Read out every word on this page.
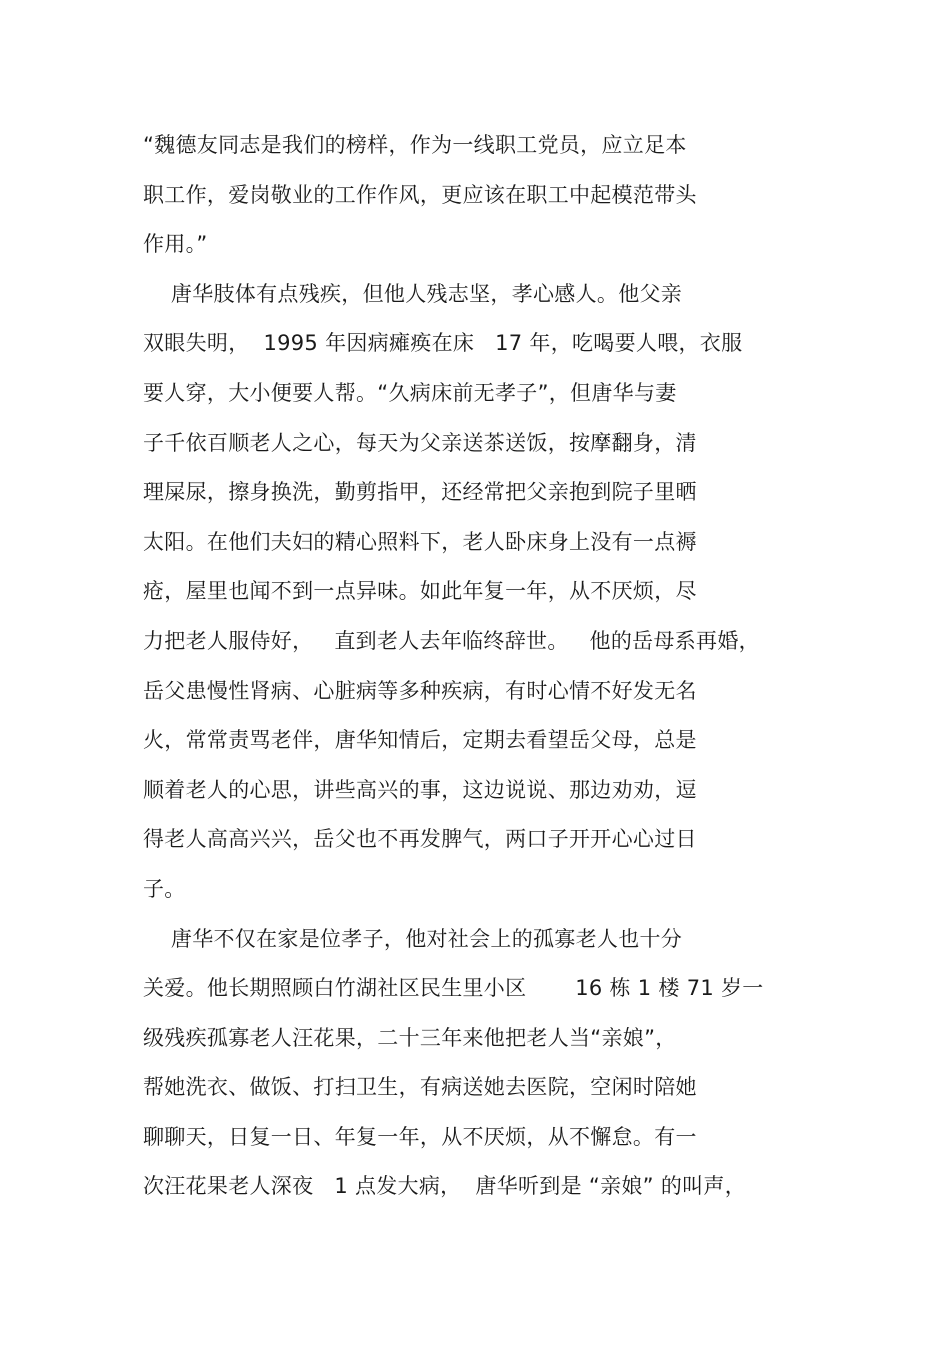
“魏德友同志是我们的榜样，作为一线职工党员，应立足本
职工作，爱岗敬业的工作作风，更应该在职工中起模范带头
作用。”
唐华肢体有点残疾，但他人残志坚，孝心感人。他父亲
双眼失明，  1995 年因病瘫痪在床   17 年，吃喝要人喂，衣服
要人穿，大小便要人帮。“久病床前无孝子”，但唐华与妻
子千依百顺老人之心，每天为父亲送茶送饭，按摩翻身，清
理屎尿，擦身换洗，勤剪指甲，还经常把父亲抱到院子里晒
太阳。在他们夫妇的精心照料下，老人卧床身上没有一点褥
疮，屋里也闻不到一点异味。如此年复一年，从不厌烦，尽
力把老人服侍好，   直到老人去年临终辞世。   他的岳母系再婚，
岳父患慢性肾病、心脏病等多种疾病，有时心情不好发无名
火，常常责骂老伴，唐华知情后，定期去看望岳父母，总是
顺着老人的心思，讲些高兴的事，这边说说、那边劝劝，逗
得老人高高兴兴，岳父也不再发脾气，两口子开开心心过日
子。
唐华不仅在家是位孝子，他对社会上的孤寡老人也十分
关爱。他长期照顾白竹湖社区民生里小区       16 栋 1 楼 71 岁一
级残疾孤寡老人汪花果，二十三年来他把老人当“亲娘”，
帮她洗衣、做饭、打扫卫生，有病送她去医院，空闲时陪她
聊聊天，日复一日、年复一年，从不厌烦，从不懈怠。有一
次汪花果老人深夜   1 点发大病，  唐华听到是 “亲娘” 的叫声，
